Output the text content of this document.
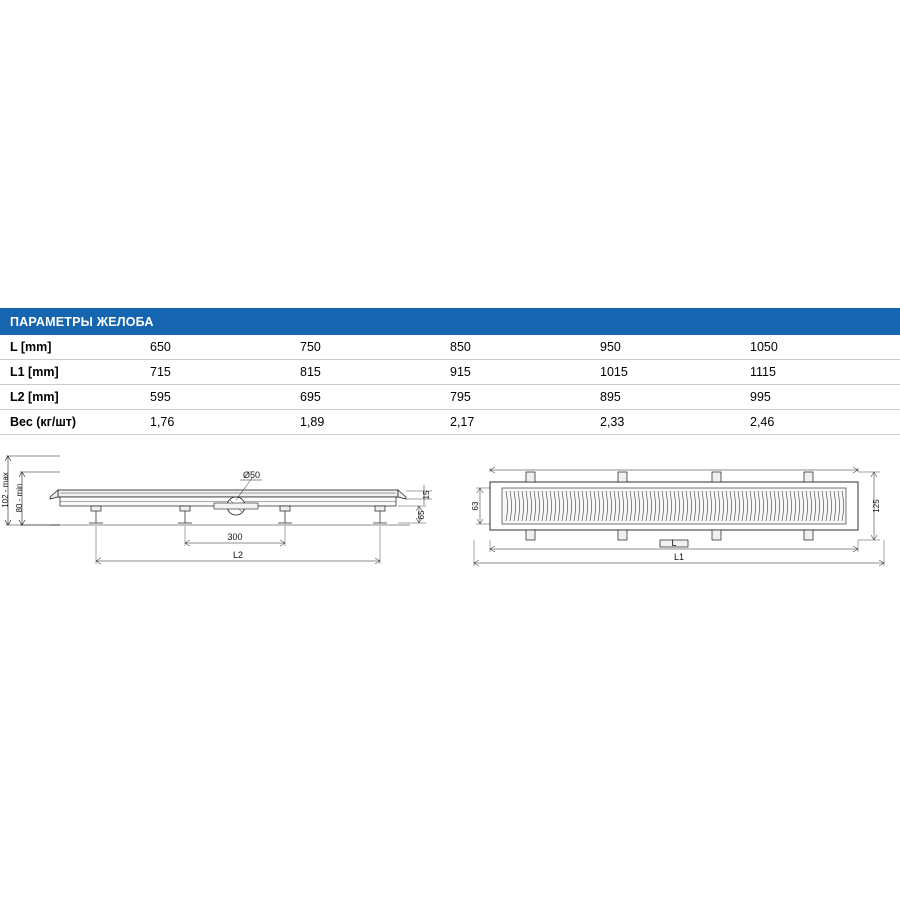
ПАРАМЕТРЫ ЖЕЛОБА					
L [mm]	650	750	850	950	1050
L1 [mm]	715	815	915	1015	1115
L2 [mm]	595	695	795	895	995
Вес (кг/шт)	1,76	1,89	2,17	2,33	2,46
102 - max 80 - min	15
65
Ø50
300
L2
63	125
L
L1
